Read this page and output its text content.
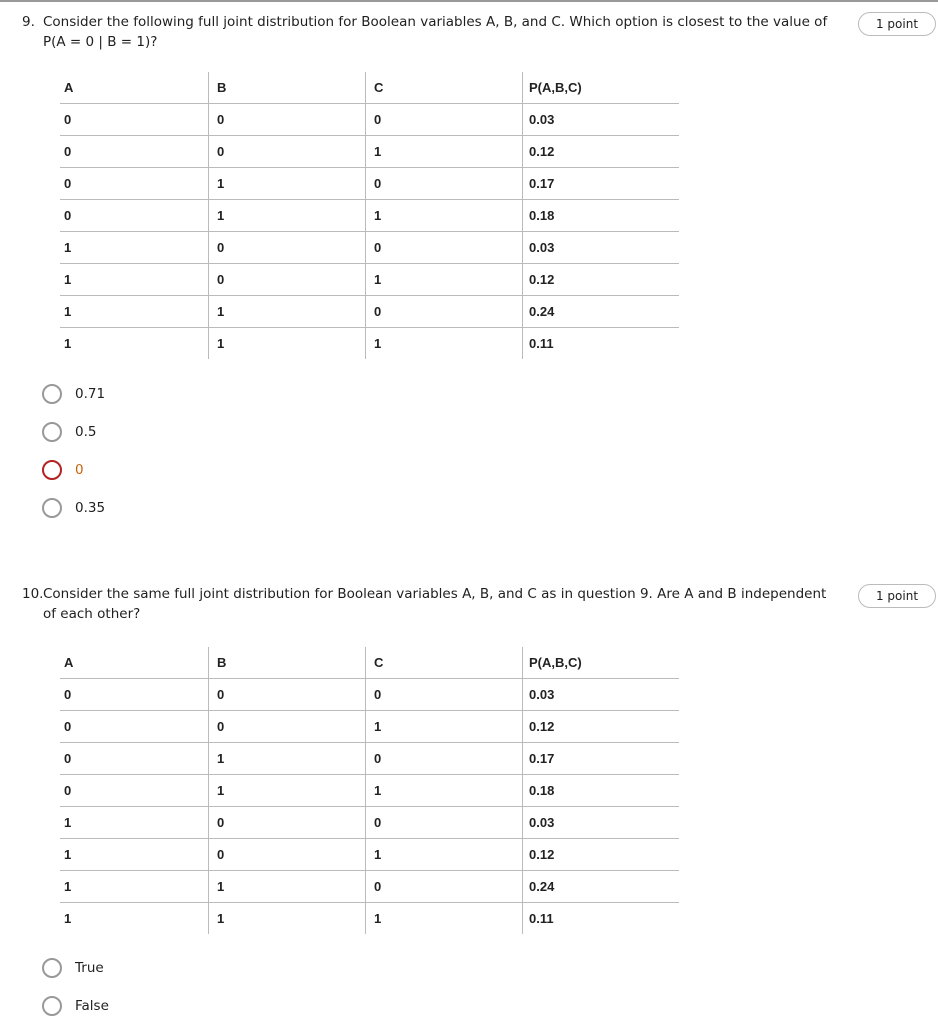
9. Consider the following full joint distribution for Boolean variables A, B, and C. Which option is closest to the value of P(A = 0 | B = 1)?
1 point
A	B	C	P(A,B,C)
0	0	0	0.03
0	0	1	0.12
0	1	0	0.17
0	1	1	0.18
1	0	0	0.03
1	0	1	0.12
1	1	0	0.24
1	1	1	0.11
0.71
0.5
0
0.35
10. Consider the same full joint distribution for Boolean variables A, B, and C as in question 9. Are A and B independent of each other?
1 point
A	B	C	P(A,B,C)
0	0	0	0.03
0	0	1	0.12
0	1	0	0.17
0	1	1	0.18
1	0	0	0.03
1	0	1	0.12
1	1	0	0.24
1	1	1	0.11
True
False
